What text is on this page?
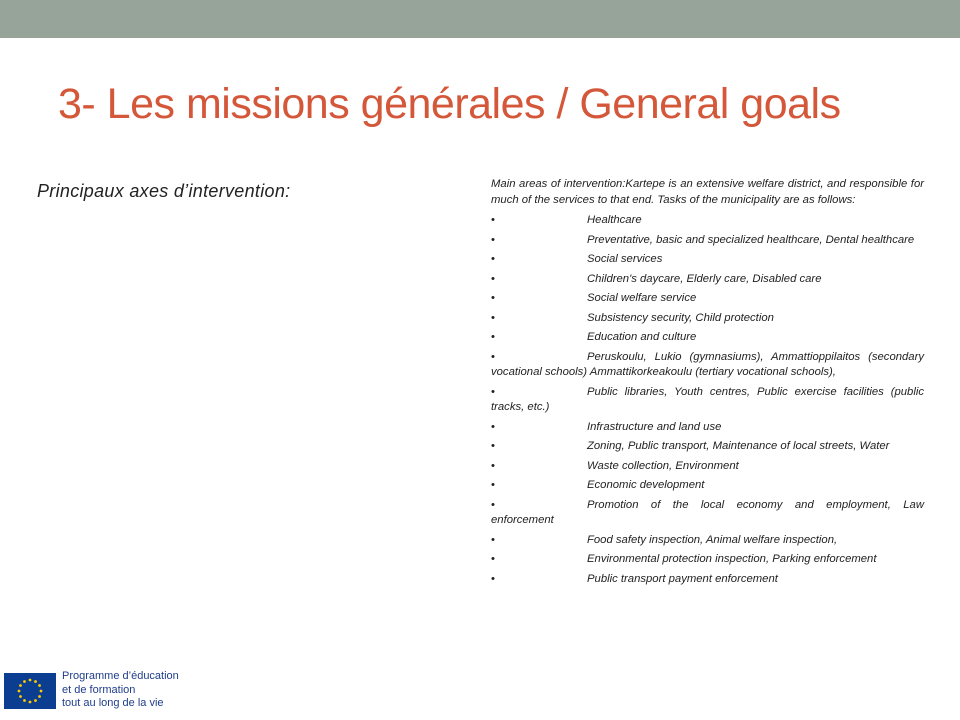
3- Les missions générales / General goals
Principaux axes d’intervention:	Main areas of intervention:Kartepe is an extensive welfare district, and responsible for much of the services to that end. Tasks of the municipality are as follows:

•	Healthcare
•	Preventative, basic and specialized healthcare, Dental healthcare
•	Social services
•	Children's daycare, Elderly care, Disabled care
•	Social welfare service
•	Subsistency security, Child protection
•	Education and culture
•	Peruskoulu, Lukio (gymnasiums), Ammattioppilaitos (secondary vocational schools) Ammattikorkeakoulu (tertiary vocational schools),
•	Public libraries, Youth centres, Public exercise facilities (public tracks, etc.)
•	Infrastructure and land use
•	Zoning, Public transport, Maintenance of local streets, Water
•	Waste collection, Environment
•	Economic development
•	Promotion of the local economy and employment, Law enforcement
•	Food safety inspection, Animal welfare inspection,
•	Environmental protection inspection, Parking enforcement
•	Public transport payment enforcement
Programme d’éducation
et de formation
tout au long de la vie
